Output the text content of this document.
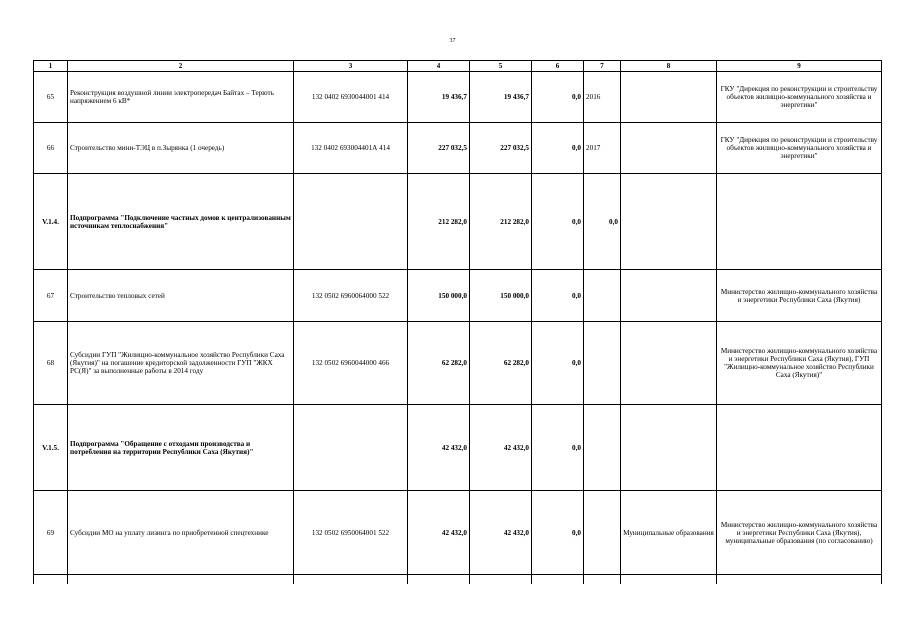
37
1	2	3	4	5	6	7	8	9
65	Реконструкция воздушной линии электропередач Байтах – Терють напряжением 6 кВ*	132 0402 6930044001 414	19 436,7	19 436,7	0,0	2016		ГКУ "Дирекция по реконструкции и строительству объектов жилищно-коммунального хозяйства и энергетики"
66	Строительство мини-ТЭЦ в п.Зырянка (1 очередь)	132 0402 693004401А 414	227 032,5	227 032,5	0,0	2017		ГКУ "Дирекция по реконструкции и строительству объектов жилищно-коммунального хозяйства и энергетики"
V.1.4.	Подпрограмма "Подключение частных домов к централизованным источникам теплоснабжения"		212 282,0	212 282,0	0,0	0,0		
67	Строительство тепловых сетей	132 0502 6960064000 522	150 000,0	150 000,0	0,0			Министерство жилищно-коммунального хозяйства и энергетики Республики Саха (Якутия)
68	Субсидии ГУП "Жилищно-коммунальное хозяйство Республики Саха (Якутия)" на погашение кредиторской задолженности ГУП "ЖКХ РС(Я)" за выполненные работы в 2014 году	132 0502 6960044000 466	62 282,0	62 282,0	0,0			Министерство жилищно-коммунального хозяйства и энергетики Республики Саха (Якутия), ГУП "Жилищно-коммунальное хозяйство Республики Саха (Якутия)"
V.1.5.	Подпрограмма "Обращение с отходами производства и потребления на территории Республики Саха (Якутия)"		42 432,0	42 432,0	0,0			
69	Субсидии МО на уплату лизинга по приобретенной спецтехнике	132 0502 6950064001 522	42 432,0	42 432,0	0,0		Муниципальные образования	Министерство жилищно-коммунального хозяйства и энергетики Республики Саха (Якутия), муниципальные образования (по согласованию)
